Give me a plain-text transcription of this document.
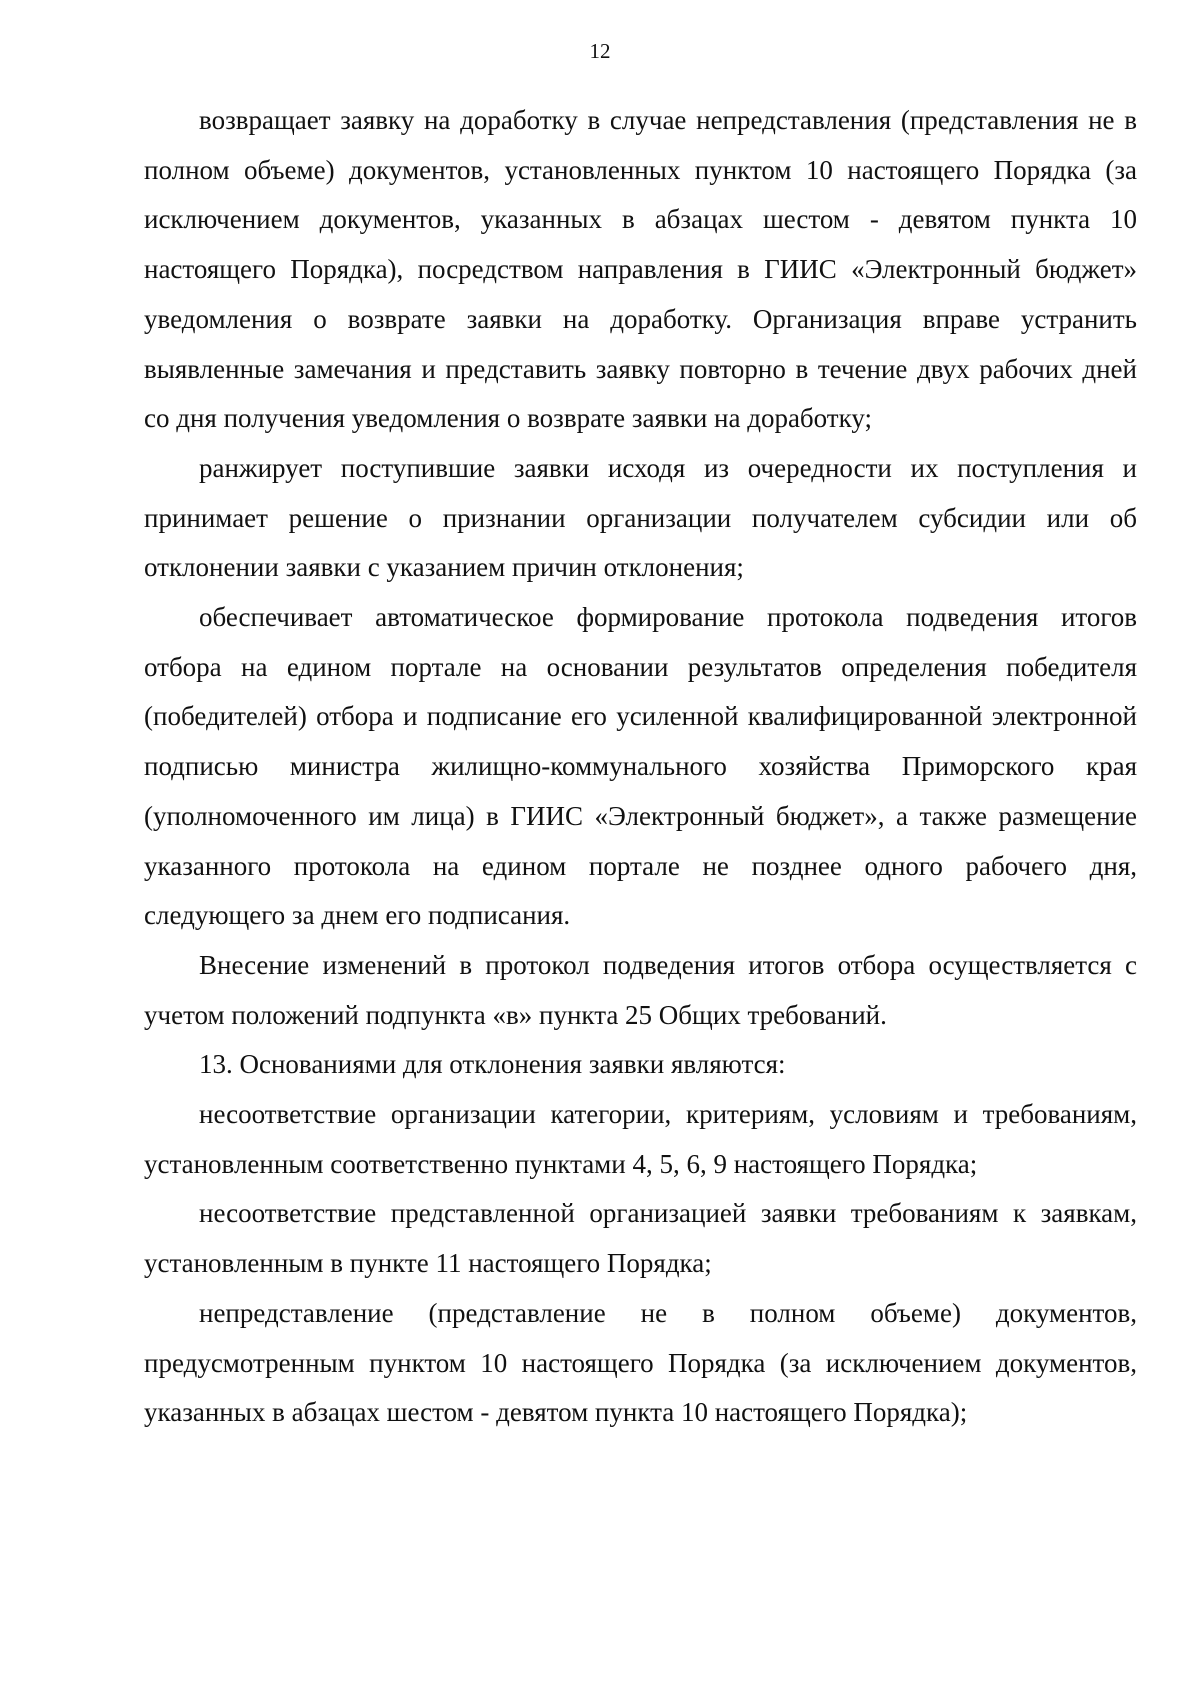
12

возвращает заявку на доработку в случае непредставления (представления не в полном объеме) документов, установленных пунктом 10 настоящего Порядка (за исключением документов, указанных в абзацах шестом - девятом пункта 10 настоящего Порядка), посредством направления в ГИИС «Электронный бюджет» уведомления о возврате заявки на доработку. Организация вправе устранить выявленные замечания и представить заявку повторно в течение двух рабочих дней со дня получения уведомления о возврате заявки на доработку;

ранжирует поступившие заявки исходя из очередности их поступления и принимает решение о признании организации получателем субсидии или об отклонении заявки с указанием причин отклонения;

обеспечивает автоматическое формирование протокола подведения итогов отбора на едином портале на основании результатов определения победителя (победителей) отбора и подписание его усиленной квалифицированной электронной подписью министра жилищно-коммунального хозяйства Приморского края (уполномоченного им лица) в ГИИС «Электронный бюджет», а также размещение указанного протокола на едином портале не позднее одного рабочего дня, следующего за днем его подписания.

Внесение изменений в протокол подведения итогов отбора осуществляется с учетом положений подпункта «в» пункта 25 Общих требований.

13. Основаниями для отклонения заявки являются:

несоответствие организации категории, критериям, условиям и требованиям, установленным соответственно пунктами 4, 5, 6, 9 настоящего Порядка;

несоответствие представленной организацией заявки требованиям к заявкам, установленным в пункте 11 настоящего Порядка;

непредставление (представление не в полном объеме) документов, предусмотренным пунктом 10 настоящего Порядка (за исключением документов, указанных в абзацах шестом - девятом пункта 10 настоящего Порядка);
